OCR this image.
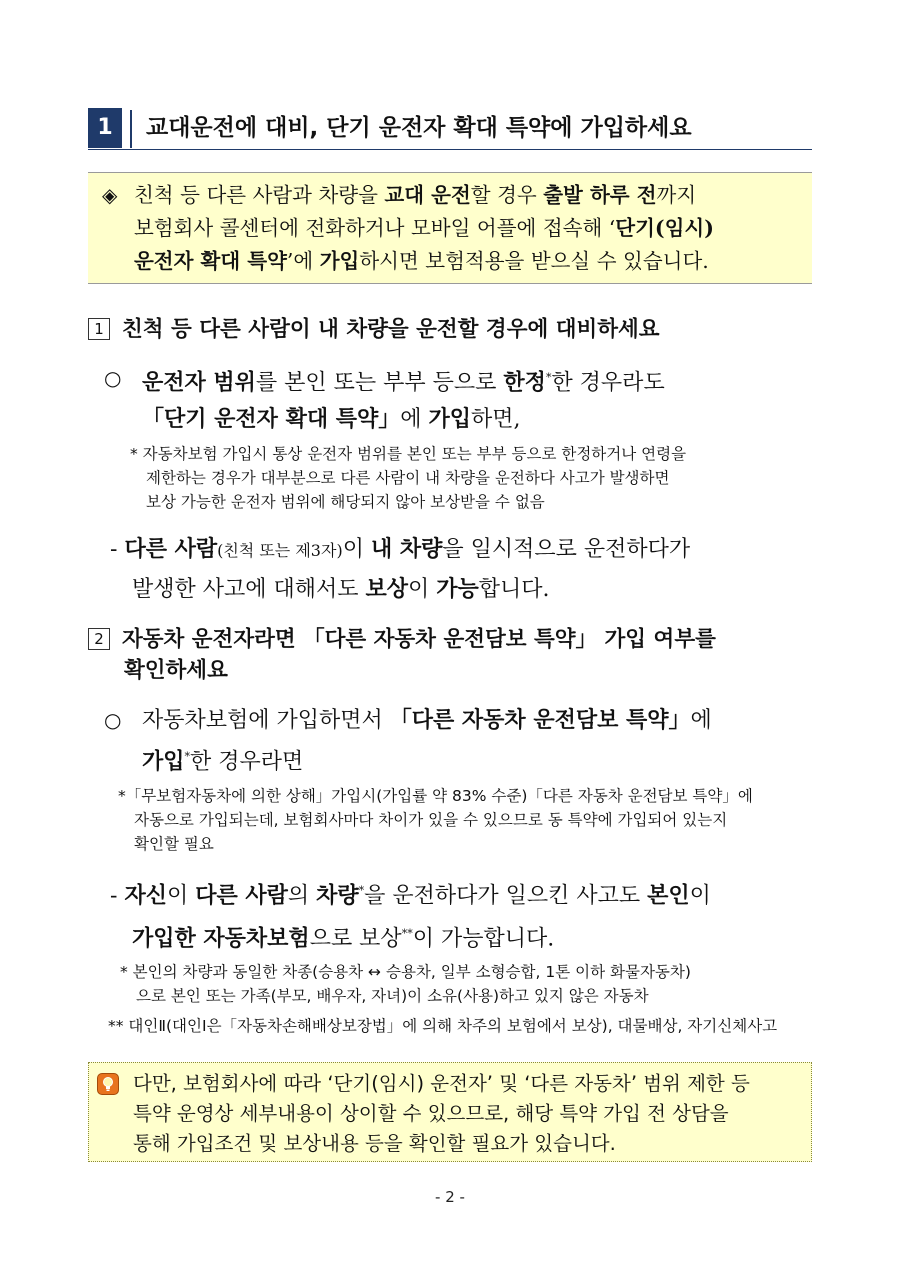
1	교대운전에 대비, 단기 운전자 확대 특약에 가입하세요
◈ 친척 등 다른 사람과 차량을 교대 운전할 경우 출발 하루 전까지
보험회사 콜센터에 전화하거나 모바일 어플에 접속해 ‘단기(임시)
운전자 확대 특약’에 가입하시면 보험적용을 받으실 수 있습니다.
1 친척 등 다른 사람이 내 차량을 운전할 경우에 대비하세요
○ 운전자 범위를 본인 또는 부부 등으로 한정*한 경우라도
「단기 운전자 확대 특약」에 가입하면,
* 자동차보험 가입시 통상 운전자 범위를 본인 또는 부부 등으로 한정하거나 연령을
제한하는 경우가 대부분으로 다른 사람이 내 차량을 운전하다 사고가 발생하면
보상 가능한 운전자 범위에 해당되지 않아 보상받을 수 없음
- 다른 사람(친척 또는 제3자)이 내 차량을 일시적으로 운전하다가
발생한 사고에 대해서도 보상이 가능합니다.
2 자동차 운전자라면 「다른 자동차 운전담보 특약」 가입 여부를
확인하세요
○ 자동차보험에 가입하면서 「다른 자동차 운전담보 특약」에
가입*한 경우라면
*「무보험자동차에 의한 상해」가입시(가입률 약 83% 수준)「다른 자동차 운전담보 특약」에
자동으로 가입되는데, 보험회사마다 차이가 있을 수 있으므로 동 특약에 가입되어 있는지
확인할 필요
- 자신이 다른 사람의 차량*을 운전하다가 일으킨 사고도 본인이
가입한 자동차보험으로 보상**이 가능합니다.
* 본인의 차량과 동일한 차종(승용차 ↔ 승용차, 일부 소형승합, 1톤 이하 화물자동차)
으로 본인 또는 가족(부모, 배우자, 자녀)이 소유(사용)하고 있지 않은 자동차
** 대인Ⅱ(대인Ⅰ은「자동차손해배상보장법」에 의해 차주의 보험에서 보상), 대물배상, 자기신체사고
다만, 보험회사에 따라 ‘단기(임시) 운전자’ 및 ‘다른 자동차’ 범위 제한 등
특약 운영상 세부내용이 상이할 수 있으므로, 해당 특약 가입 전 상담을
통해 가입조건 및 보상내용 등을 확인할 필요가 있습니다.
- 2 -
